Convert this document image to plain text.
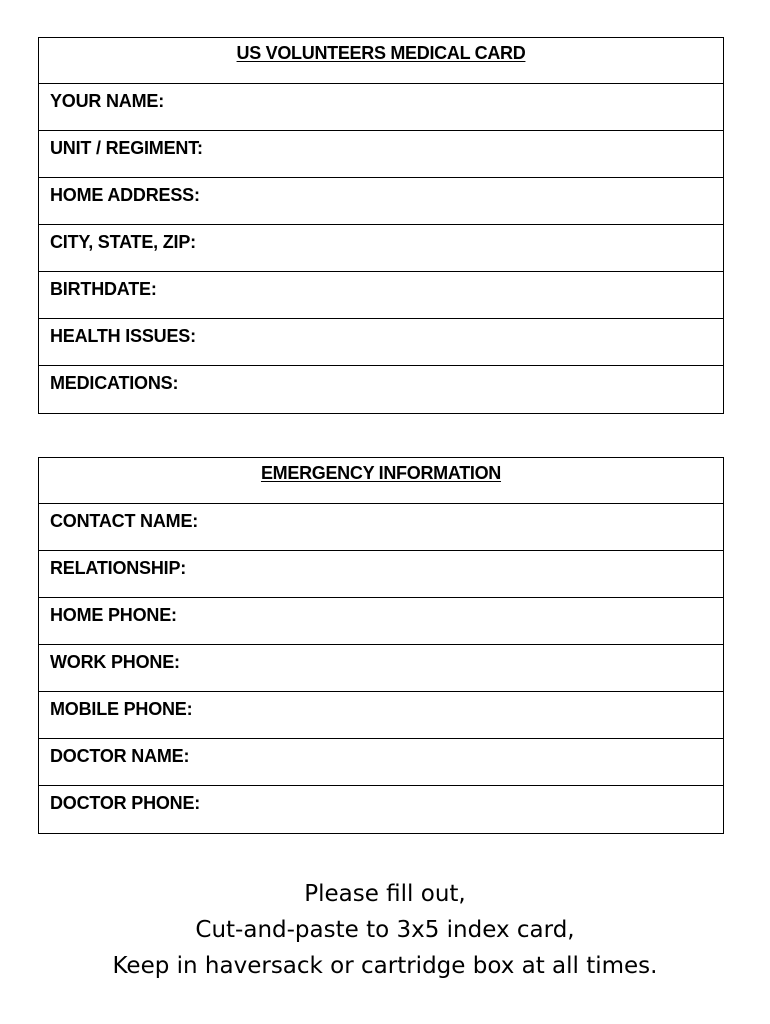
US VOLUNTEERS MEDICAL CARD
YOUR NAME:
UNIT / REGIMENT:
HOME ADDRESS:
CITY, STATE, ZIP:
BIRTHDATE:
HEALTH ISSUES:
MEDICATIONS:
EMERGENCY INFORMATION
CONTACT NAME:
RELATIONSHIP:
HOME PHONE:
WORK PHONE:
MOBILE PHONE:
DOCTOR NAME:
DOCTOR PHONE:
Please fill out,
Cut-and-paste to 3x5 index card,
Keep in haversack or cartridge box at all times.
